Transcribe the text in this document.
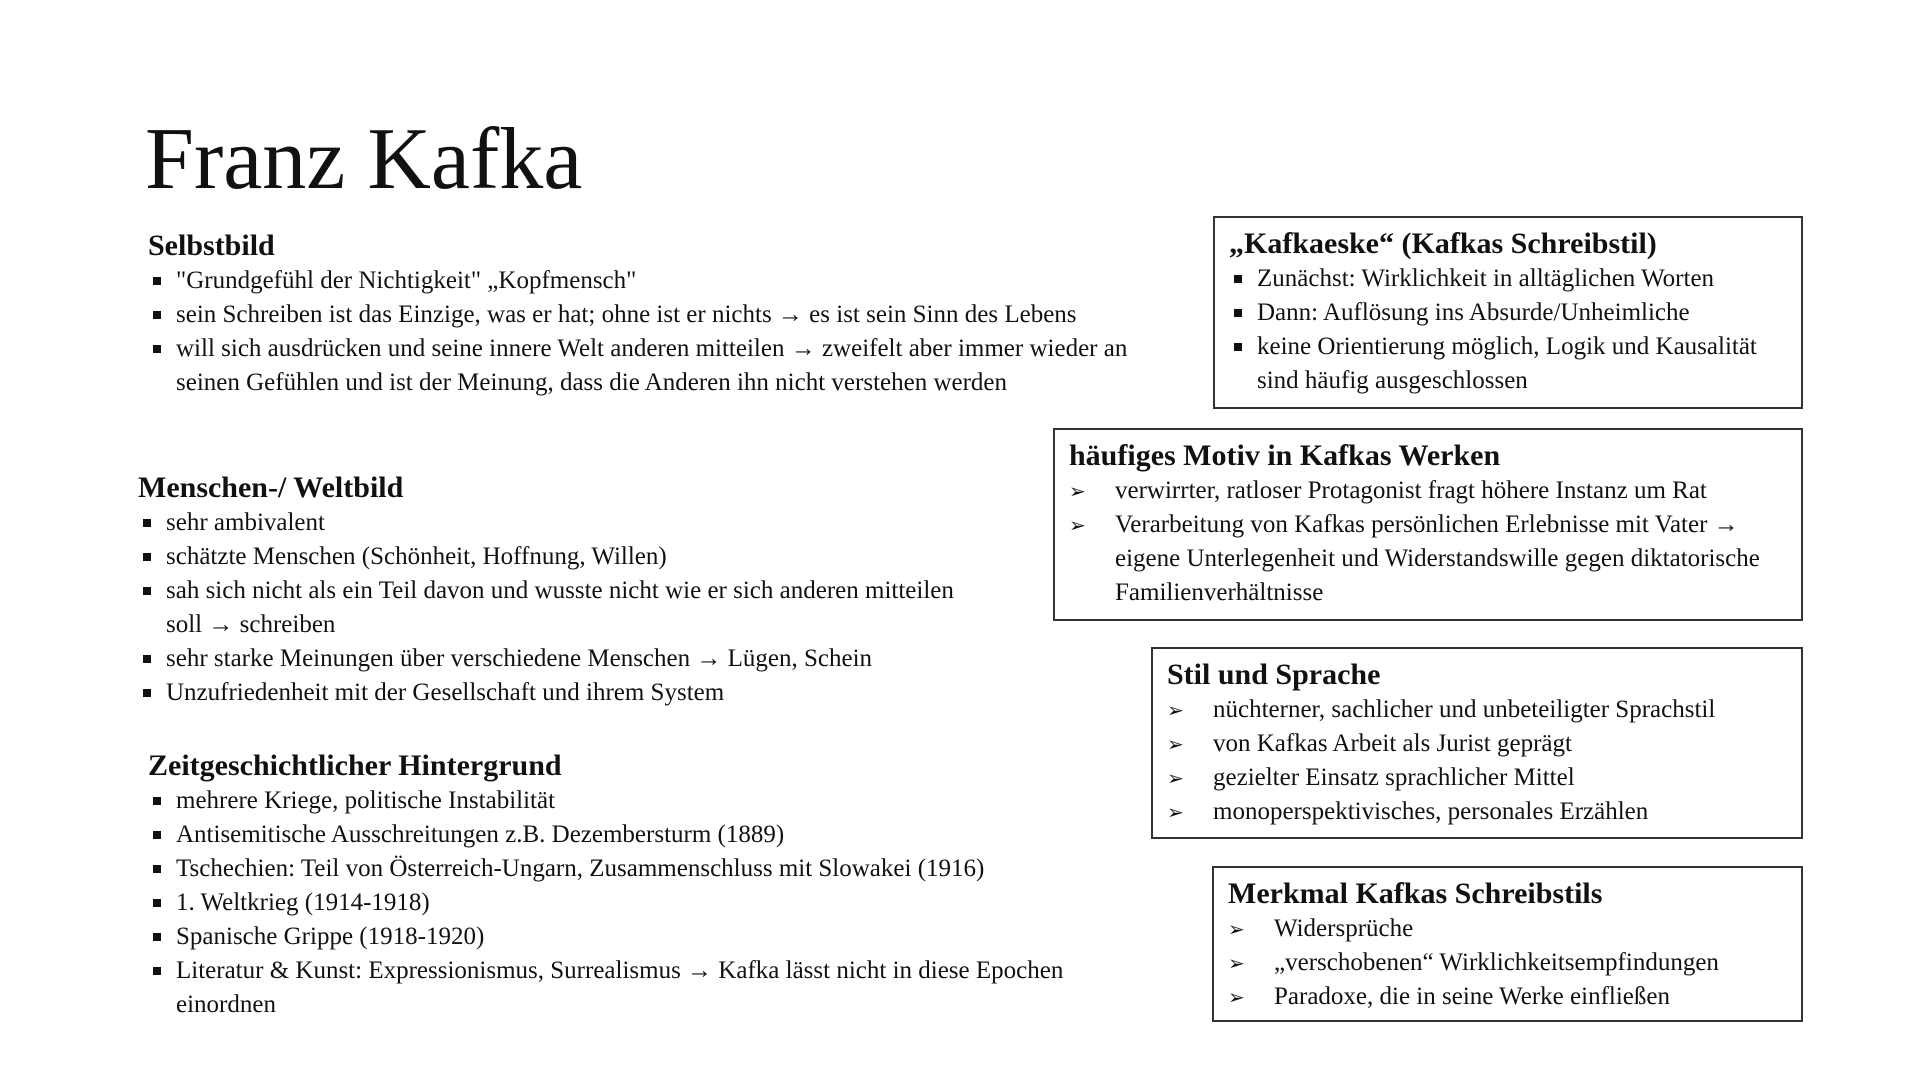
Franz Kafka
Selbstbild
"Grundgefühl der Nichtigkeit" „Kopfmensch"
sein Schreiben ist das Einzige, was er hat; ohne ist er nichts → es ist sein Sinn des Lebens
will sich ausdrücken und seine innere Welt anderen mitteilen → zweifelt aber immer wieder an seinen Gefühlen und ist der Meinung, dass die Anderen ihn nicht verstehen werden
Menschen-/ Weltbild
sehr ambivalent
schätzte Menschen (Schönheit, Hoffnung, Willen)
sah sich nicht als ein Teil davon und wusste nicht wie er sich anderen mitteilen soll → schreiben
sehr starke Meinungen über verschiedene Menschen → Lügen, Schein
Unzufriedenheit mit der Gesellschaft und ihrem System
Zeitgeschichtlicher Hintergrund
mehrere Kriege, politische Instabilität
Antisemitische Ausschreitungen z.B. Dezembersturm (1889)
Tschechien: Teil von Österreich-Ungarn, Zusammenschluss mit Slowakei (1916)
1. Weltkrieg (1914-1918)
Spanische Grippe (1918-1920)
Literatur & Kunst: Expressionismus, Surrealismus → Kafka lässt nicht in diese Epochen einordnen
„Kafkaeske“ (Kafkas Schreibstil)
Zunächst: Wirklichkeit in alltäglichen Worten
Dann: Auflösung ins Absurde/Unheimliche
keine Orientierung möglich, Logik und Kausalität sind häufig ausgeschlossen
häufiges Motiv in Kafkas Werken
➢ verwirrter, ratloser Protagonist fragt höhere Instanz um Rat
➢ Verarbeitung von Kafkas persönlichen Erlebnisse mit Vater → eigene Unterlegenheit und Widerstandswille gegen diktatorische Familienverhältnisse
Stil und Sprache
➢ nüchterner, sachlicher und unbeteiligter Sprachstil
➢ von Kafkas Arbeit als Jurist geprägt
➢ gezielter Einsatz sprachlicher Mittel
➢ monoperspektivisches, personales Erzählen
Merkmal Kafkas Schreibstils
➢ Widersprüche
➢ „verschobenen“ Wirklichkeitsempfindungen
➢ Paradoxe, die in seine Werke einfließen
